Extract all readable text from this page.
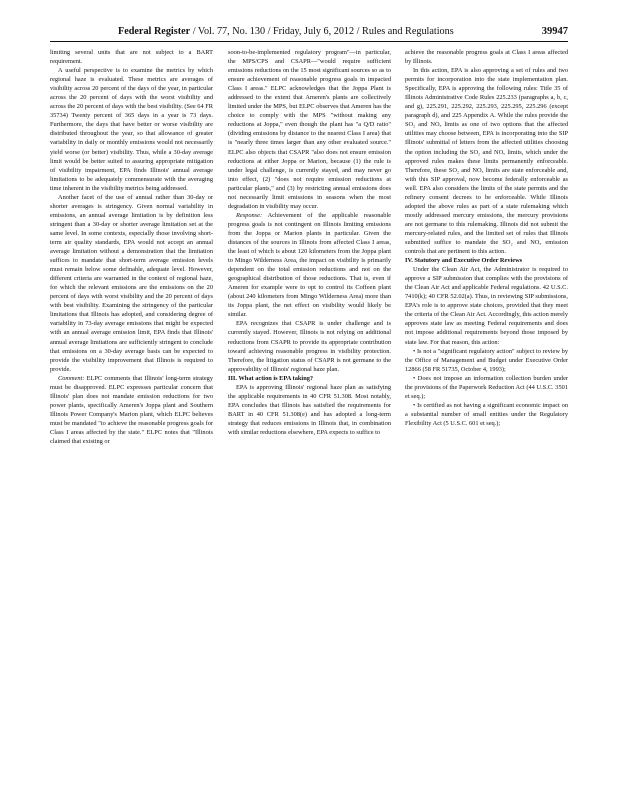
Federal Register / Vol. 77, No. 130 / Friday, July 6, 2012 / Rules and Regulations	39947

limiting several units that are not subject to a BART requirement.

A useful perspective is to examine the metrics by which regional haze is evaluated. These metrics are averages of visibility across 20 percent of the days of the year, in particular across the 20 percent of days with the worst visibility and across the 20 percent of days with the best visibility. (See 64 FR 35734) Twenty percent of 365 days in a year is 73 days. Furthermore, the days that have better or worse visibility are distributed throughout the year, so that allowance of greater variability in daily or monthly emissions would not necessarily yield worse (or better) visibility. Thus, while a 30-day average limit would be better suited to assuring appropriate mitigation of visibility impairment, EPA finds Illinois' annual average limitations to be adequately commensurate with the averaging time inherent in the visibility metrics being addressed.

Another facet of the use of annual rather than 30-day or shorter averages is stringency. Given normal variability in emissions, an annual average limitation is by definition less stringent than a 30-day or shorter average limitation set at the same level. In some contexts, especially those involving short-term air quality standards, EPA would not accept an annual average limitation without a demonstration that the limitation suffices to mandate that short-term average emission levels must remain below some definable, adequate level. However, different criteria are warranted in the context of regional haze, for which the relevant emissions are the emissions on the 20 percent of days with worst visibility and the 20 percent of days with best visibility. Examining the stringency of the particular limitations that Illinois has adopted, and considering degree of variability in 73-day average emissions that might be expected with an annual average emission limit, EPA finds that Illinois' annual average limitations are sufficiently stringent to conclude that emissions on a 30-day average basis can be expected to provide the visibility improvement that Illinois is required to provide.

Comment: ELPC comments that Illinois' long-term strategy must be disapproved. ELPC expresses particular concern that Illinois' plan does not mandate emission reductions for two power plants, specifically Ameren's Joppa plant and Southern Illinois Power Company's Marion plant, which ELPC believes must be mandated "to achieve the reasonable progress goals for Class I areas affected by the state." ELPC notes that "Illinois claimed that existing or

soon-to-be-implemented regulatory program"—in particular, the MPS/CPS and CSAPR—"would require sufficient emissions reductions on the 15 most significant sources so as to ensure achievement of reasonable progress goals in impacted Class I areas." ELPC acknowledges that the Joppa Plant is addressed to the extent that Ameren's plants are collectively limited under the MPS, but ELPC observes that Ameren has the choice to comply with the MPS "without making any reductions at Joppa," even though the plant has "a Q/D ratio" (dividing emissions by distance to the nearest Class I area) that is "nearly three times larger than any other evaluated source." ELPC also objects that CSAPR "also does not ensure emission reductions at either Joppa or Marion, because (1) the rule is under legal challenge, is currently stayed, and may never go into effect, (2) "does not require emission reductions at particular plants," and (3) by restricting annual emissions does not necessarily limit emissions in seasons when the most degradation in visibility may occur.

Response: Achievement of the applicable reasonable progress goals is not contingent on Illinois limiting emissions from the Joppa or Marion plants in particular. Given the distances of the sources in Illinois from affected Class I areas, the least of which is about 120 kilometers from the Joppa plant to Mingo Wilderness Area, the impact on visibility is primarily dependent on the total emission reductions and not on the geographical distribution of those reductions. That is, even if Ameren for example were to opt to control its Coffeen plant (about 240 kilometers from Mingo Wilderness Area) more than its Joppa plant, the net effect on visibility would likely be similar.

EPA recognizes that CSAPR is under challenge and is currently stayed. However, Illinois is not relying on additional reductions from CSAPR to provide its appropriate contribution toward achieving reasonable progress in visibility protection. Therefore, the litigation status of CSAPR is not germane to the approvability of Illinois' regional haze plan.

III. What action is EPA taking?

EPA is approving Illinois' regional haze plan as satisfying the applicable requirements in 40 CFR 51.308. Most notably, EPA concludes that Illinois has satisfied the requirements for BART in 40 CFR 51.308(e) and has adopted a long-term strategy that reduces emissions in Illinois that, in combination with similar reductions elsewhere, EPA expects to suffice to

achieve the reasonable progress goals at Class I areas affected by Illinois.

In this action, EPA is also approving a set of rules and two permits for incorporation into the state implementation plan. Specifically, EPA is approving the following rules: Title 35 of Illinois Administrative Code Rules 225.233 (paragraphs a, b, c, and g), 225.291, 225.292, 225.293, 225.295, 225.296 (except paragraph d), and 225 Appendix A. While the rules provide the SO₂ and NOₓ limits as one of two options that the affected utilities may choose between, EPA is incorporating into the SIP Illinois' submittal of letters from the affected utilities choosing the option including the SO₂ and NOₓ limits, which under the approved rules makes these limits permanently enforceable. Therefore, these SO₂ and NOₓ limits are state enforceable and, with this SIP approval, now become federally enforceable as well. EPA also considers the limits of the state permits and the refinery consent decrees to be enforceable. While Illinois adopted the above rules as part of a state rulemaking which mostly addressed mercury emissions, the mercury provisions are not germane to this rulemaking. Illinois did not submit the mercury-related rules, and the limited set of rules that Illinois submitted suffice to mandate the SO₂ and NOₓ emission controls that are pertinent to this action.

IV. Statutory and Executive Order Reviews

Under the Clean Air Act, the Administrator is required to approve a SIP submission that complies with the provisions of the Clean Air Act and applicable Federal regulations. 42 U.S.C. 7410(k); 40 CFR 52.02(a). Thus, in reviewing SIP submissions, EPA's role is to approve state choices, provided that they meet the criteria of the Clean Air Act. Accordingly, this action merely approves state law as meeting Federal requirements and does not impose additional requirements beyond those imposed by state law. For that reason, this action:

• Is not a "significant regulatory action" subject to review by the Office of Management and Budget under Executive Order 12866 (58 FR 51735, October 4, 1993);

• Does not impose an information collection burden under the provisions of the Paperwork Reduction Act (44 U.S.C. 3501 et seq.);

• Is certified as not having a significant economic impact on a substantial number of small entities under the Regulatory Flexibility Act (5 U.S.C. 601 et seq.);
